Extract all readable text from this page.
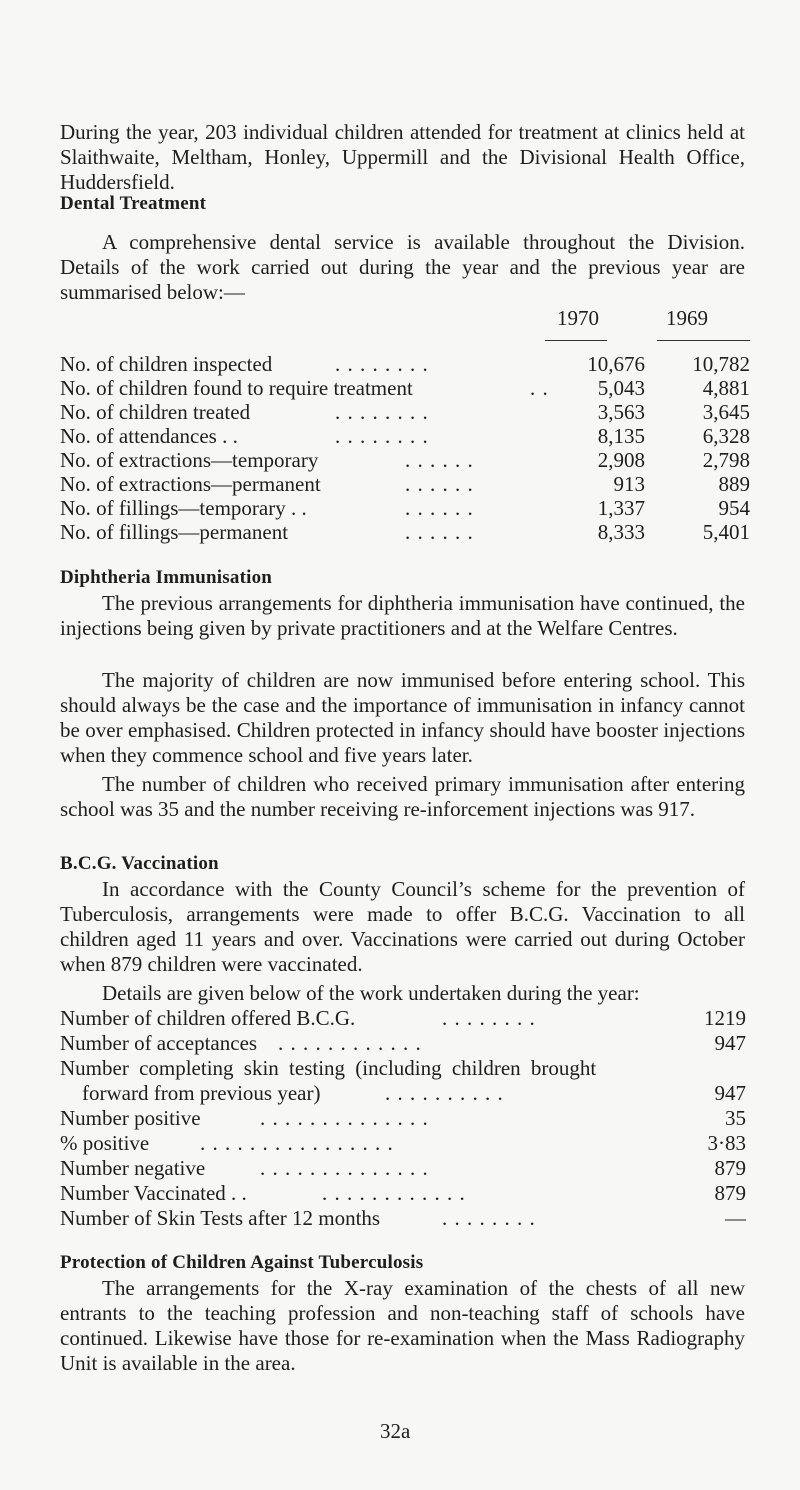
During the year, 203 individual children attended for treatment at clinics held at Slaithwaite, Meltham, Honley, Uppermill and the Divisional Health Office, Huddersfield.

Dental Treatment

A comprehensive dental service is available throughout the Division. Details of the work carried out during the year and the previous year are summarised below:—

1970	1969
No. of children inspected	. . . . . . . .	10,676 10,782
No. of children found to require treatment	. . 5,043	4,881
No. of children treated	. . . . . . . .	3,563	3,645
No. of attendances . .	. . . . . . . .	8,135	6,328
No. of extractions—temporary	. . . . . .	2,908	2,798
No. of extractions—permanent	. . . . . .	913	889
No. of fillings—temporary . .	. . . . . .	1,337	954
No. of fillings—permanent	. . . . . .	8,333	5,401
Diphtheria Immunisation

The previous arrangements for diphtheria immunisation have continued, the injections being given by private practitioners and at the Welfare Centres.

The majority of children are now immunised before entering school. This should always be the case and the importance of immunisation in infancy cannot be over emphasised. Children protected in infancy should have booster injections when they commence school and five years later.

The number of children who received primary immunisation after entering school was 35 and the number receiving re-inforcement injections was 917.

B.C.G. Vaccination

In accordance with the County Council’s scheme for the prevention of Tuberculosis, arrangements were made to offer B.C.G. Vaccination to all children aged 11 years and over. Vaccinations were carried out during October when 879 children were vaccinated.

Details are given below of the work undertaken during the year:

Number of children offered B.C.G.	. . . . . . . .	1219
Number of acceptances . . . . . . . . . . . .	947
Number completing skin testing (including children brought
forward from previous year)	. . . . . . . . . .	947
Number positive	. . . . . . . . . . . . . .	35
% positive . . . . . . . . . . . . . . . .	3·83
Number negative	. . . . . . . . . . . . . .	879
Number Vaccinated . .	. . . . . . . . . . . .	879
Number of Skin Tests after 12 months	. . . . . . . .	—
Protection of Children Against Tuberculosis

The arrangements for the X-ray examination of the chests of all new entrants to the teaching profession and non-teaching staff of schools have continued. Likewise have those for re-examination when the Mass Radiography Unit is available in the area.

32a
